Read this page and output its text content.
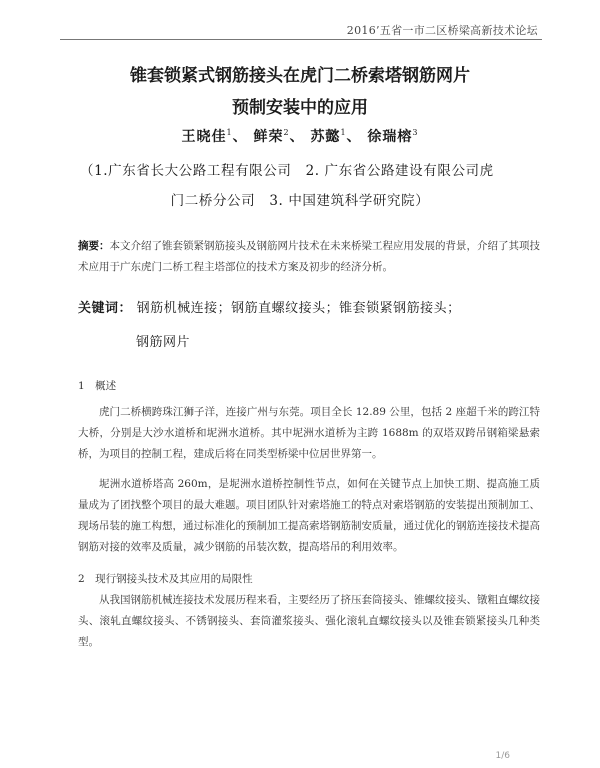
2016’五省一市二区桥梁高新技术论坛
锥套锁紧式钢筋接头在虎门二桥索塔钢筋网片
预制安装中的应用
王晓佳$^1$、 鲜荣$^2$、 苏懿$^1$、 徐瑞榕$^3$
（1.广东省长大公路工程有限公司　2. 广东省公路建设有限公司虎
门二桥分公司　3. 中国建筑科学研究院）
摘要：本文介绍了锥套锁紧钢筋接头及钢筋网片技术在未来桥梁工程应用发展的背景，介绍了其项技术应用于广东虎门二桥工程主塔部位的技术方案及初步的经济分析。
关键词： 钢筋机械连接；钢筋直螺纹接头；锥套锁紧钢筋接头；
钢筋网片
1　概述
虎门二桥横跨珠江狮子洋，连接广州与东莞。项目全长 12.89 公里，包括 2 座超千米的跨江特大桥，分别是大沙水道桥和坭洲水道桥。其中坭洲水道桥为主跨 1688m 的双塔双跨吊钢箱梁悬索桥，为项目的控制工程，建成后将在同类型桥梁中位居世界第一。
坭洲水道桥塔高 260m，是坭洲水道桥控制性节点，如何在关键节点上加快工期、提高施工质量成为了团找整个项目的最大难题。项目团队针对索塔施工的特点对索塔钢筋的安装提出预制加工、现场吊装的施工构想，通过标准化的预制加工提高索塔钢筋制安质量，通过优化的钢筋连接技术提高钢筋对接的效率及质量，减少钢筋的吊装次数，提高塔吊的利用效率。
2　现行钢接头技术及其应用的局限性
从我国钢筋机械连接技术发展历程来看，主要经历了挤压套筒接头、锥螺纹接头、镦粗直螺纹接头、滚轧直螺纹接头、不锈钢接头、套筒灌浆接头、强化滚轧直螺纹接头以及锥套锁紧接头几种类型。
1/6
